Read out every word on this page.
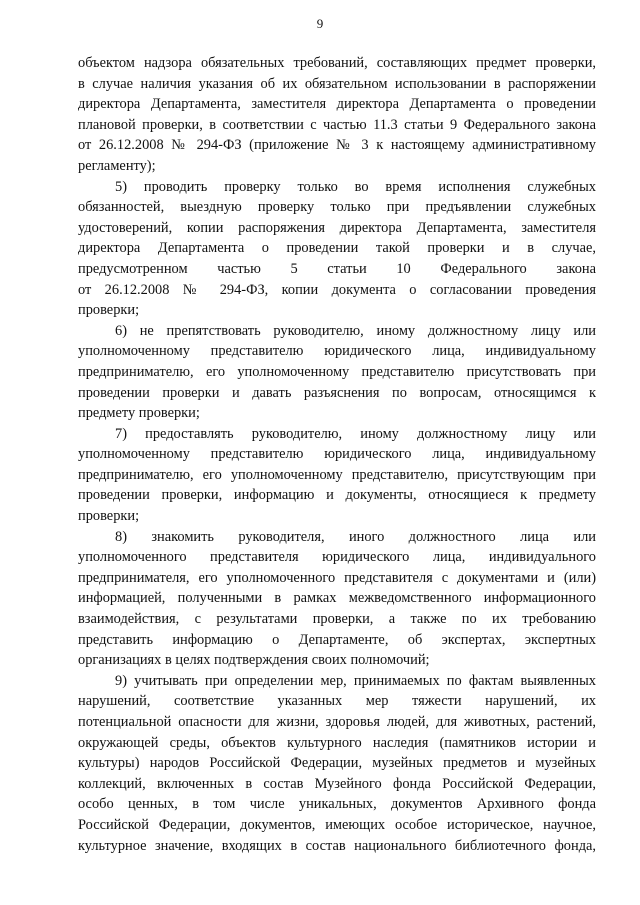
9
объектом надзора обязательных требований, составляющих предмет проверки,
в случае наличия указания об их обязательном использовании в распоряжении
директора Департамента, заместителя директора Департамента о проведении
плановой проверки, в соответствии с частью 11.3 статьи 9 Федерального закона
от 26.12.2008 № 294-ФЗ (приложение № 3 к настоящему административному
регламенту);
5) проводить проверку только во время исполнения служебных
обязанностей, выездную проверку только при предъявлении служебных
удостоверений, копии распоряжения директора Департамента, заместителя
директора Департамента о проведении такой проверки и в случае,
предусмотренном частью 5 статьи 10 Федерального закона
от 26.12.2008 № 294-ФЗ, копии документа о согласовании проведения
проверки;
6) не препятствовать руководителю, иному должностному лицу или
уполномоченному представителю юридического лица, индивидуальному
предпринимателю, его уполномоченному представителю присутствовать при
проведении проверки и давать разъяснения по вопросам, относящимся к
предмету проверки;
7) предоставлять руководителю, иному должностному лицу или
уполномоченному представителю юридического лица, индивидуальному
предпринимателю, его уполномоченному представителю, присутствующим при
проведении проверки, информацию и документы, относящиеся к предмету
проверки;
8) знакомить руководителя, иного должностного лица или
уполномоченного представителя юридического лица, индивидуального
предпринимателя, его уполномоченного представителя с документами и (или)
информацией, полученными в рамках межведомственного информационного
взаимодействия, с результатами проверки, а также по их требованию
представить информацию о Департаменте, об экспертах, экспертных
организациях в целях подтверждения своих полномочий;
9) учитывать при определении мер, принимаемых по фактам выявленных
нарушений, соответствие указанных мер тяжести нарушений, их
потенциальной опасности для жизни, здоровья людей, для животных, растений,
окружающей среды, объектов культурного наследия (памятников истории и
культуры) народов Российской Федерации, музейных предметов и музейных
коллекций, включенных в состав Музейного фонда Российской Федерации,
особо ценных, в том числе уникальных, документов Архивного фонда
Российской Федерации, документов, имеющих особое историческое, научное,
культурное значение, входящих в состав национального библиотечного фонда,
